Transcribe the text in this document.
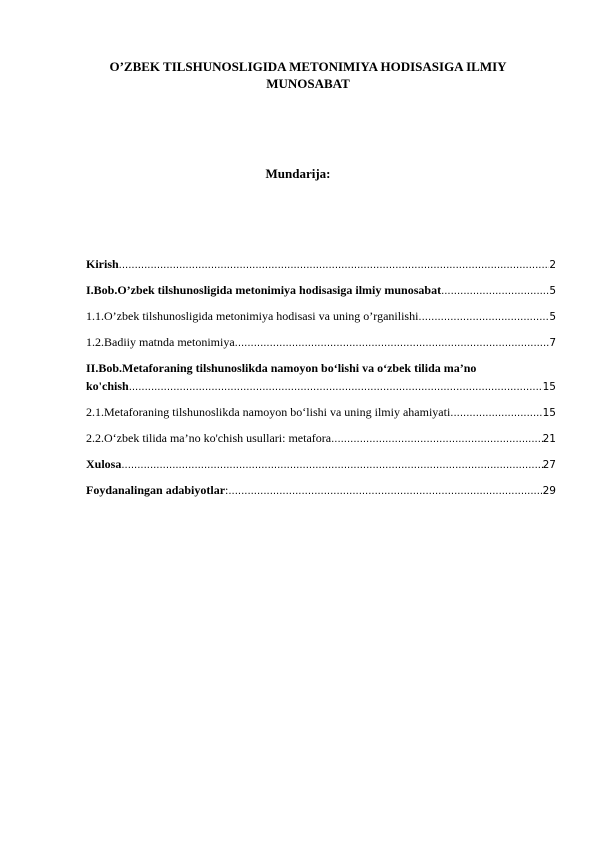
O’ZBEK TILSHUNOSLIGIDA METONIMIYA HODISASIGA ILMIY
MUNOSABAT
Mundarija:
Kirish .....	2
I.Bob.O’zbek tilshunosligida metonimiya hodisasiga ilmiy munosabat .....	5
1.1.O’zbek tilshunosligida metonimiya hodisasi va uning o’rganilishi .....	5
1.2.Badiiy matnda metonimiya .....	7
II.Bob.Metaforaning tilshunoslikda namoyon bo‘lishi va o‘zbek tilida ma’no
ko'chish .....	15
2.1.Metaforaning tilshunoslikda namoyon bo‘lishi va uning ilmiy ahamiyati .....	15
2.2.O‘zbek tilida ma’no ko'chish usullari: metafora .....	21
Xulosa .....	27
Foydanalingan adabiyotlar : .....	29
